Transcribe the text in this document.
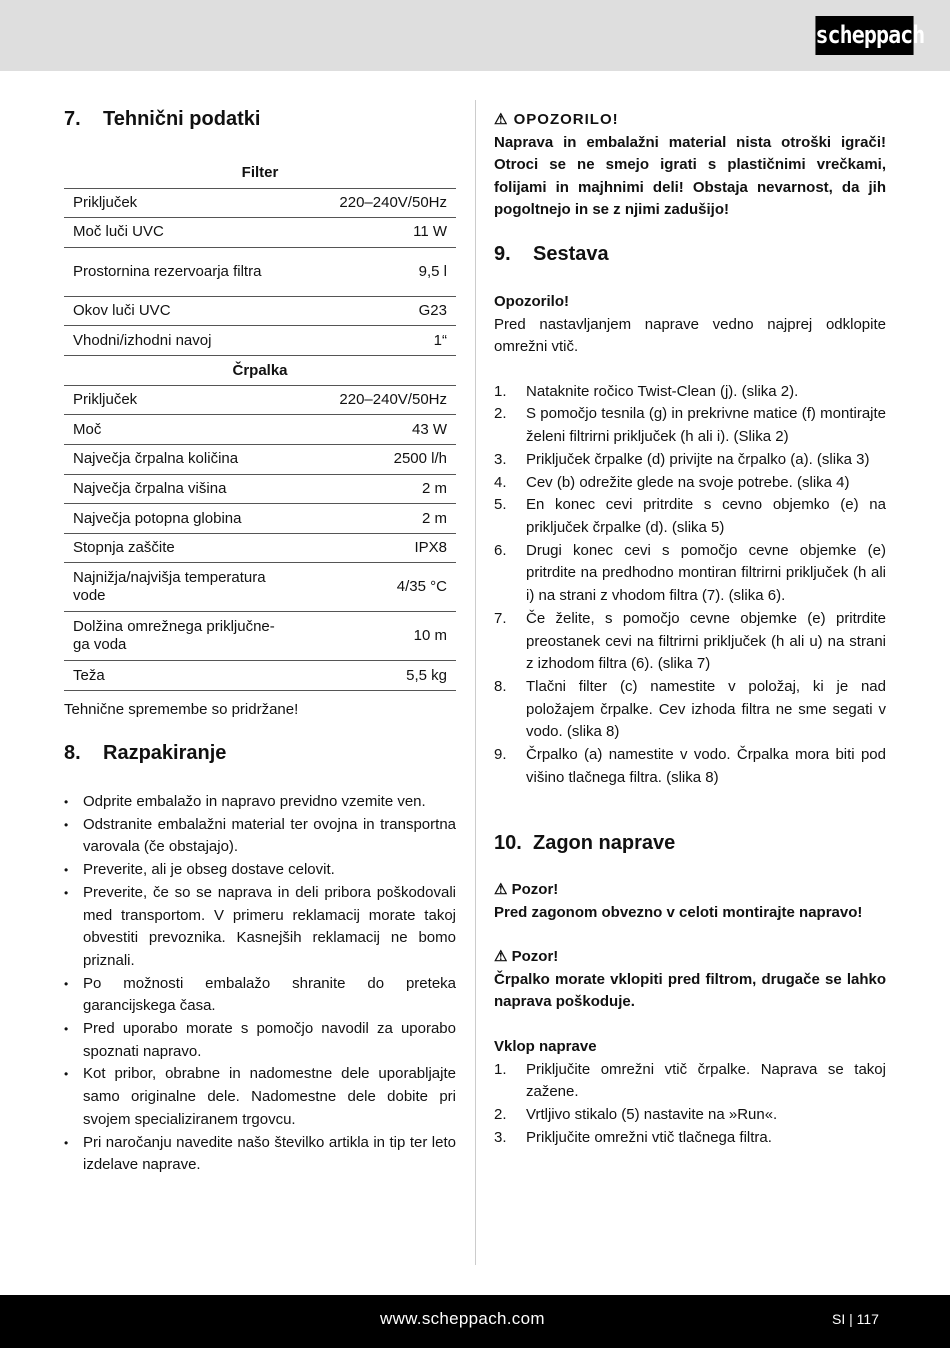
scheppach
7.	Tehnični podatki
Filter	
Priključek	220–240V/50Hz
Moč luči UVC	11 W
Prostornina rezervoarja filtra	9,5 l
Okov luči UVC	G23
Vhodni/izhodni navoj	1“
Črpalka	
Priključek	220–240V/50Hz
Moč	43 W
Največja črpalna količina	2500 l/h
Največja črpalna višina	2 m
Največja potopna globina	2 m
Stopnja zaščite	IPX8
Najnižja/najvišja temperatura vode	4/35 °C
Dolžina omrežnega priključne-ga voda	10 m
Teža	5,5 kg

Tehnične spremembe so pridržane!

8.	Razpakiranje
• Odprite embalažo in napravo previdno vzemite ven.
• Odstranite embalažni material ter ovojna in transportna varovala (če obstajajo).
• Preverite, ali je obseg dostave celovit.
• Preverite, če so se naprava in deli pribora poškodovali med transportom. V primeru reklamacij morate takoj obvestiti prevoznika. Kasnejših reklamacij ne bomo priznali.
• Po možnosti embalažo shranite do preteka garancijskega časa.
• Pred uporabo morate s pomočjo navodil za uporabo spoznati napravo.
• Kot pribor, obrabne in nadomestne dele uporabljajte samo originalne dele. Nadomestne dele dobite pri svojem specializiranem trgovcu.
• Pri naročanju navedite našo številko artikla in tip ter leto izdelave naprave.

⚠ OPOZORILO!

Naprava in embalažni material nista otroški igrači! Otroci se ne smejo igrati s plastičnimi vrečkami, folijami in majhnimi deli! Obstaja nevarnost, da jih pogoltnejo in se z njimi zadušijo!

9.	Sestava

Opozorilo!

Pred nastavljanjem naprave vedno najprej odklopite omrežni vtič.

1. Nataknite ročico Twist-Clean (j). (slika 2).
2. S pomočjo tesnila (g) in prekrivne matice (f) montirajte želeni filtrirni priključek (h ali i). (Slika 2)
3. Priključek črpalke (d) privijte na črpalko (a). (slika 3)
4. Cev (b) odrežite glede na svoje potrebe. (slika 4)
5. En konec cevi pritrdite s cevno objemko (e) na priključek črpalke (d). (slika 5)
6. Drugi konec cevi s pomočjo cevne objemke (e) pritrdite na predhodno montiran filtrirni priključek (h ali i) na strani z vhodom filtra (7). (slika 6).
7. Če želite, s pomočjo cevne objemke (e) pritrdite preostanek cevi na filtrirni priključek (h ali u) na strani z izhodom filtra (6). (slika 7)
8. Tlačni filter (c) namestite v položaj, ki je nad položajem črpalke. Cev izhoda filtra ne sme segati v vodo. (slika 8)
9. Črpalko (a) namestite v vodo. Črpalka mora biti pod višino tlačnega filtra. (slika 8)
10. Zagon naprave

⚠ Pozor!

Pred zagonom obvezno v celoti montirajte napravo!

⚠ Pozor!

Črpalko morate vklopiti pred filtrom, drugače se lahko naprava poškoduje.

Vklop naprave

1. Priključite omrežni vtič črpalke. Naprava se takoj zažene.
2. Vrtljivo stikalo (5) nastavite na »Run«.
3. Priključite omrežni vtič tlačnega filtra.
www.scheppach.com	SI | 117
